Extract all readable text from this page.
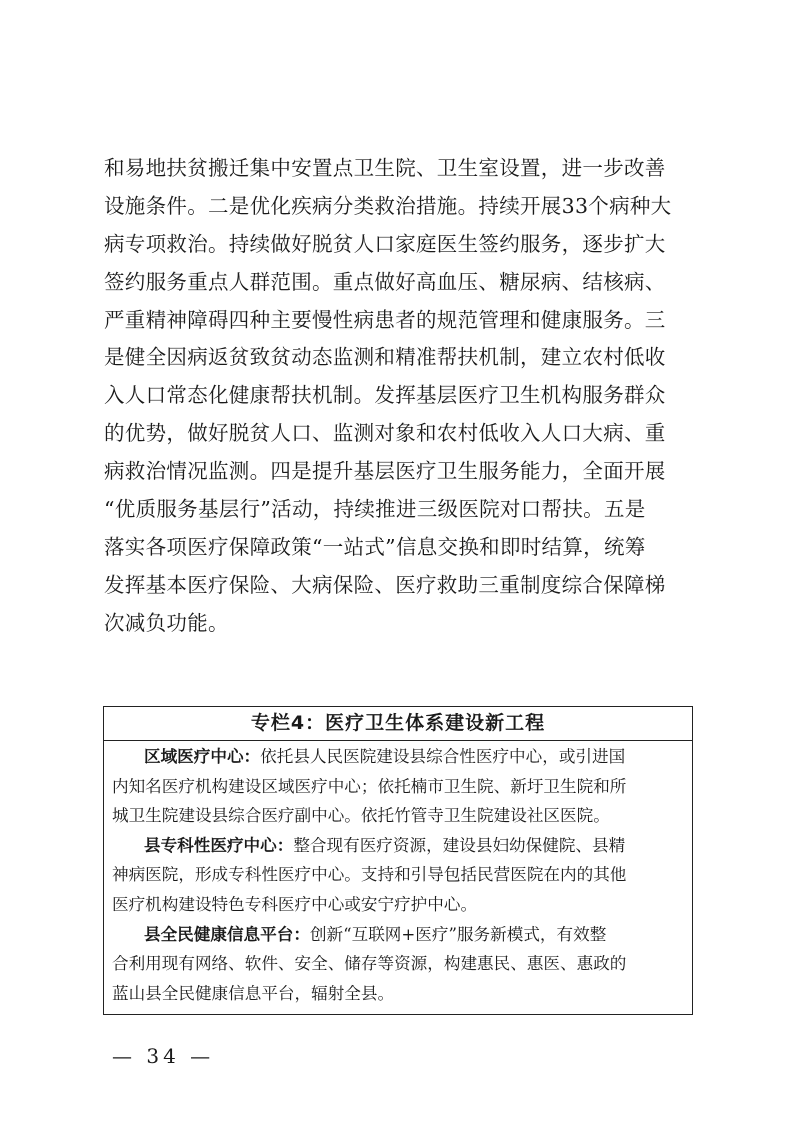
和易地扶贫搬迁集中安置点卫生院、卫生室设置，进一步改善
设施条件。二是优化疾病分类救治措施。持续开展33个病种大
病专项救治。持续做好脱贫人口家庭医生签约服务，逐步扩大
签约服务重点人群范围。重点做好高血压、糖尿病、结核病、
严重精神障碍四种主要慢性病患者的规范管理和健康服务。三
是健全因病返贫致贫动态监测和精准帮扶机制，建立农村低收
入人口常态化健康帮扶机制。发挥基层医疗卫生机构服务群众
的优势，做好脱贫人口、监测对象和农村低收入人口大病、重
病救治情况监测。四是提升基层医疗卫生服务能力，全面开展
“优质服务基层行”活动，持续推进三级医院对口帮扶。五是
落实各项医疗保障政策“一站式”信息交换和即时结算，统筹
发挥基本医疗保险、大病保险、医疗救助三重制度综合保障梯
次减负功能。
专栏4：医疗卫生体系建设新工程
区域医疗中心：依托县人民医院建设县综合性医疗中心，或引进国
内知名医疗机构建设区域医疗中心；依托楠市卫生院、新圩卫生院和所
城卫生院建设县综合医疗副中心。依托竹管寺卫生院建设社区医院。
县专科性医疗中心：整合现有医疗资源，建设县妇幼保健院、县精
神病医院，形成专科性医疗中心。支持和引导包括民营医院在内的其他
医疗机构建设特色专科医疗中心或安宁疗护中心。
县全民健康信息平台：创新“互联网+医疗”服务新模式，有效整
合利用现有网络、软件、安全、储存等资源，构建惠民、惠医、惠政的
蓝山县全民健康信息平台，辐射全县。
— 34 —
